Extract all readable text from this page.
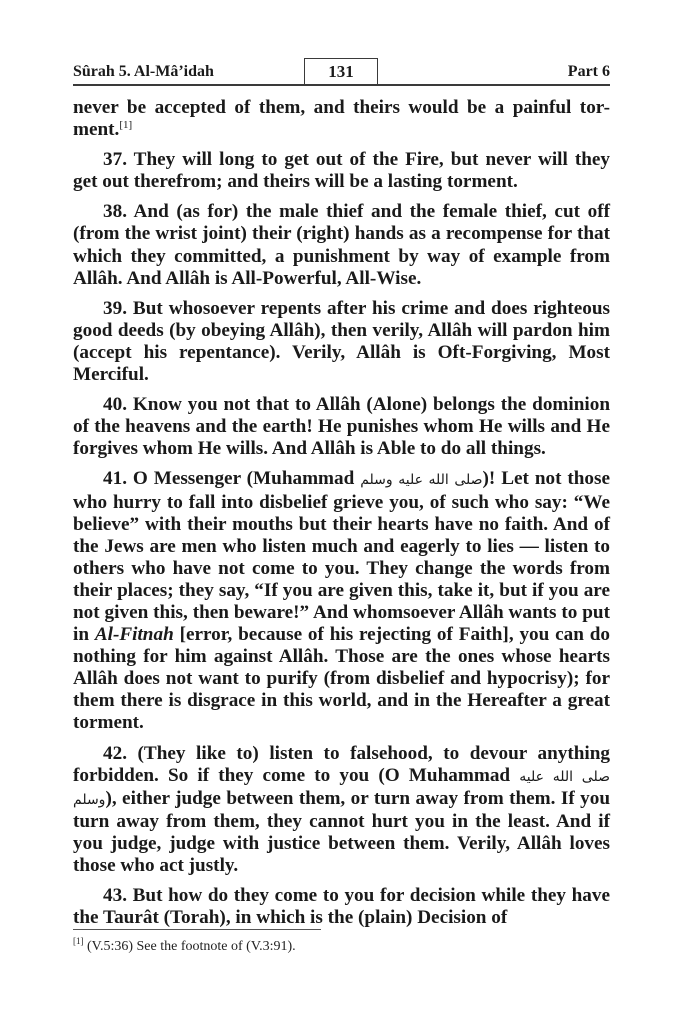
Sûrah 5. Al-Mâ’idah	131	Part 6

never be accepted of them, and theirs would be a painful tor-ment.[1]

37. They will long to get out of the Fire, but never will they get out therefrom; and theirs will be a lasting torment.

38. And (as for) the male thief and the female thief, cut off (from the wrist joint) their (right) hands as a recompense for that which they committed, a punishment by way of example from Allâh. And Allâh is All-Powerful, All-Wise.

39. But whosoever repents after his crime and does righteous good deeds (by obeying Allâh), then verily, Allâh will pardon him (accept his repentance). Verily, Allâh is Oft-Forgiving, Most Merciful.

40. Know you not that to Allâh (Alone) belongs the dominion of the heavens and the earth! He punishes whom He wills and He forgives whom He wills. And Allâh is Able to do all things.

41. O Messenger (Muhammad صلى الله عليه وسلم)! Let not those who hurry to fall into disbelief grieve you, of such who say: “We believe” with their mouths but their hearts have no faith. And of the Jews are men who listen much and eagerly to lies — listen to others who have not come to you. They change the words from their places; they say, “If you are given this, take it, but if you are not given this, then beware!” And whomsoever Allâh wants to put in Al-Fitnah [error, because of his rejecting of Faith], you can do nothing for him against Allâh. Those are the ones whose hearts Allâh does not want to purify (from disbelief and hypocrisy); for them there is disgrace in this world, and in the Hereafter a great torment.

42. (They like to) listen to falsehood, to devour anything forbidden. So if they come to you (O Muhammad صلى الله عليه وسلم), either judge between them, or turn away from them. If you turn away from them, they cannot hurt you in the least. And if you judge, judge with justice between them. Verily, Allâh loves those who act justly.

43. But how do they come to you for decision while they have the Taurât (Torah), in which is the (plain) Decision of

[1] (V.5:36) See the footnote of (V.3:91).
